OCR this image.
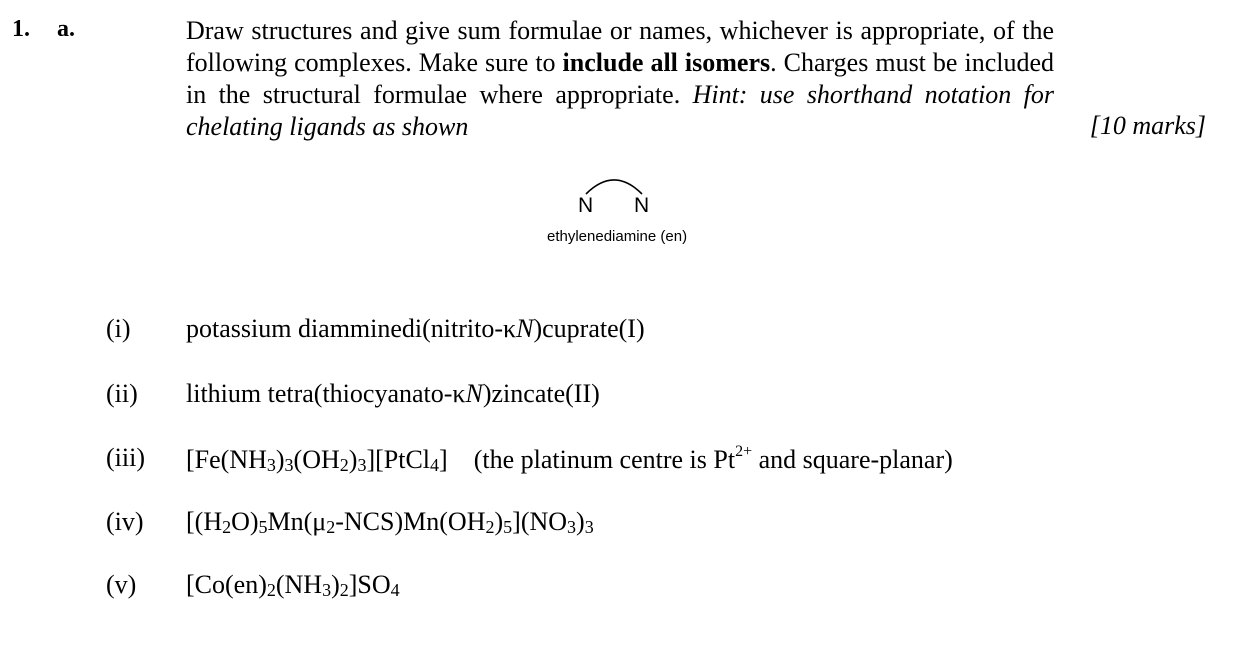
1. a.	Draw structures and give sum formulae or names, whichever is appropriate, of the following complexes. Make sure to include all isomers. Charges must be included in the structural formulae where appropriate. Hint: use shorthand notation for chelating ligands as shown	[10 marks]
N N
ethylenediamine (en)
(i) potassium diamminedi(nitrito-κN)cuprate(I)
(ii) lithium tetra(thiocyanato-κN)zincate(II)
(iii) [Fe(NH3)3(OH2)3][PtCl4] (the platinum centre is $Pt^{2+}$ and square-planar)
(iv) [(H2O)5Mn(μ2-NCS)Mn(OH2)5](NO3)3
(v) [Co(en)2(NH3)2]SO4
